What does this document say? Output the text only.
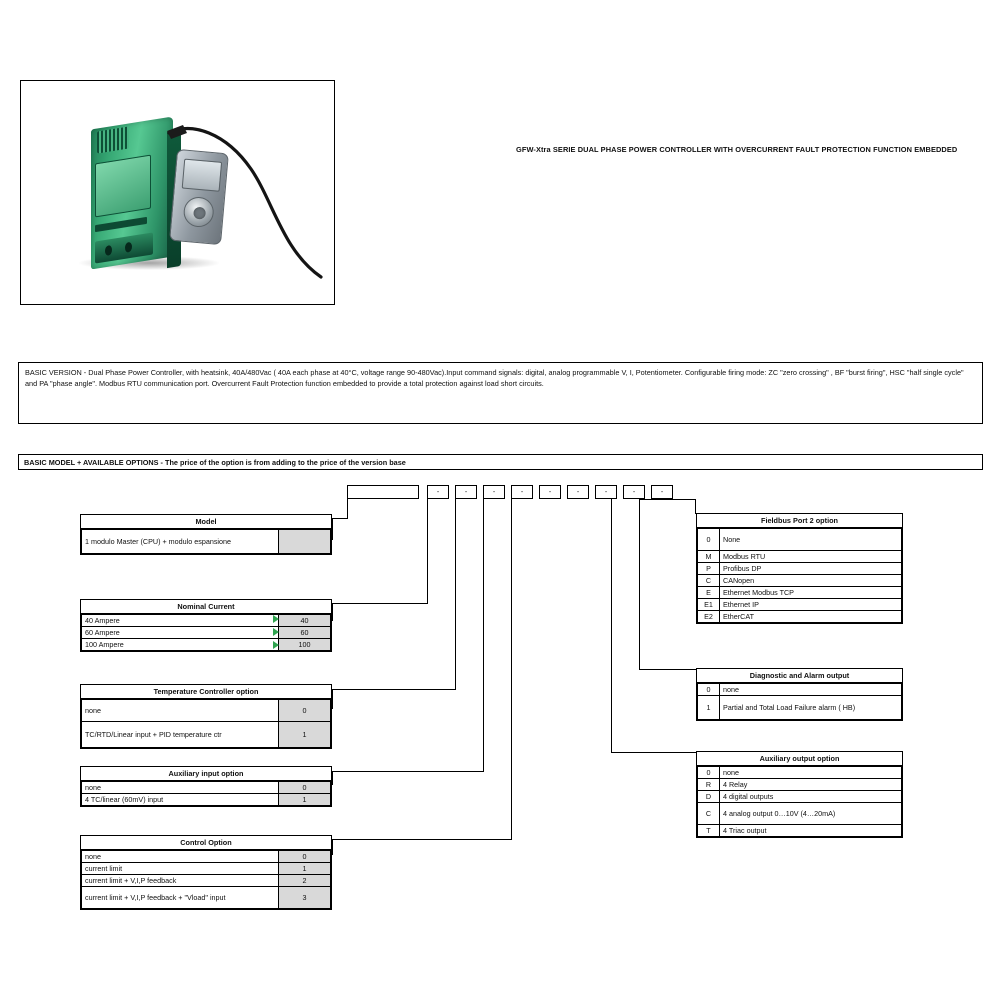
GFW-Xtra SERIE DUAL PHASE POWER CONTROLLER WITH OVERCURRENT FAULT PROTECTION FUNCTION EMBEDDED
BASIC VERSION - Dual Phase Power Controller, with heatsink, 40A/480Vac ( 40A each phase at 40°C, voltage range 90-480Vac).Input command signals: digital, analog programmable V, I, Potentiometer. Configurable firing mode: ZC "zero crossing" , BF "burst firing", HSC "half single cycle" and PA "phase angle". Modbus RTU communication port. Overcurrent Fault Protection function embedded to provide a total protection against load short circuits.
BASIC MODEL + AVAILABLE OPTIONS - The price of the option is from adding to the price of the version base
-	-	-	-	-	-	-	-	-
Model
1 modulo Master (CPU) + modulo espansione	
Nominal Current
40 Ampere	40
60 Ampere	60
100 Ampere	100
Temperature Controller option
none	0
TC/RTD/Linear input + PID temperature ctr	1
Auxiliary input option
none	0
4 TC/linear (60mV) input	1
Control Option
none	0
current limit	1
current limit + V,I,P feedback	2
current limit + V,I,P feedback + "Vload" input	3
Fieldbus Port 2 option
0	None
M	Modbus RTU
P	Profibus DP
C	CANopen
E	Ethernet Modbus TCP
E1	Ethernet IP
E2	EtherCAT
Diagnostic and Alarm output
0	none
1	Partial and Total Load Failure alarm ( HB)
Auxiliary output option
0	none
R	4 Relay
D	4 digital outputs
C	4 analog output 0…10V (4…20mA)
T	4 Triac output
